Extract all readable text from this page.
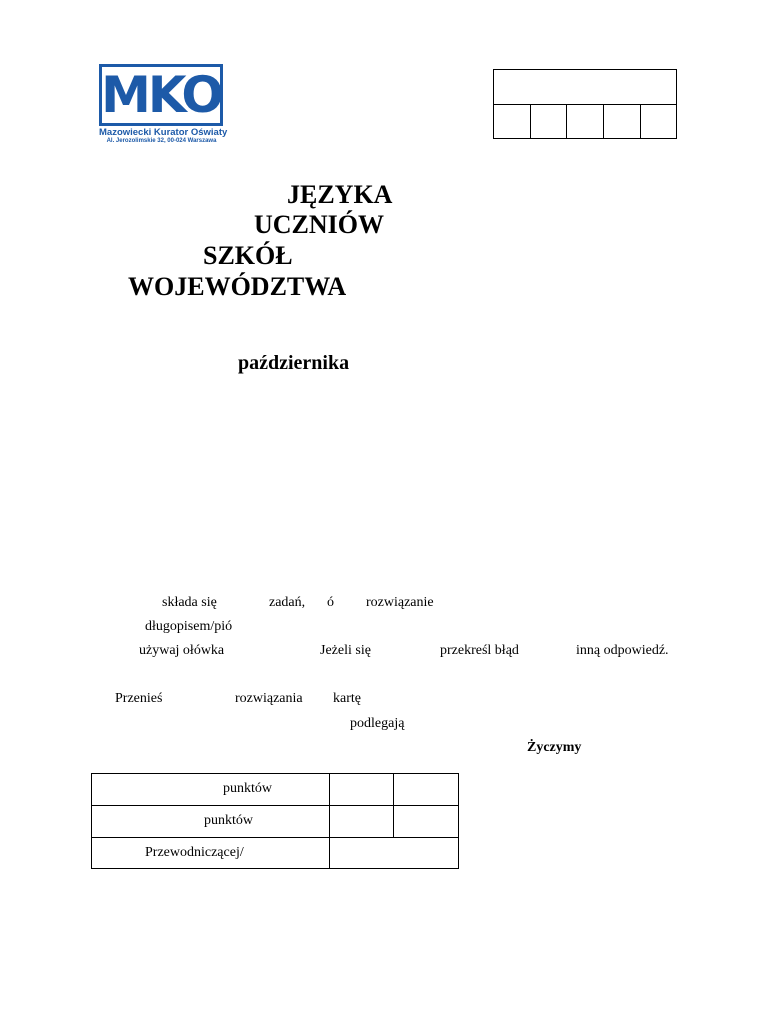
MKO
Mazowiecki Kurator Oświaty
Al. Jerozolimskie 32, 00-024 Warszawa
JĘZYKA
UCZNIÓW
SZKÓŁ
WOJEWÓDZTWA
października
składa się	zadań, ó rozwiązanie
długopisem/pió
używaj ołówka	Jeżeli się	przekreśl błąd	inną odpowiedź.
Przenieś	rozwiązania kartę
podlegają
Życzymy
punktów
punktów
Przewodniczącej/
